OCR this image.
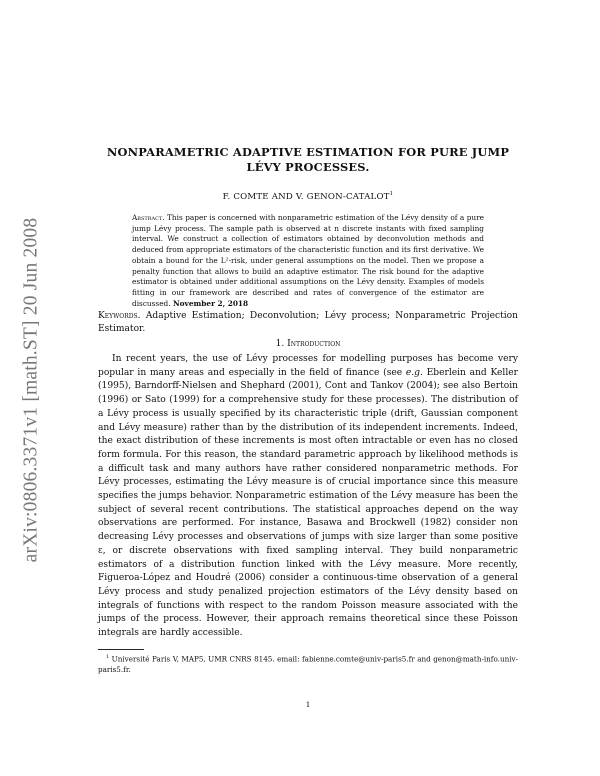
arXiv:0806.3371v1 [math.ST] 20 Jun 2008
NONPARAMETRIC ADAPTIVE ESTIMATION FOR PURE JUMP
LÉVY PROCESSES.
F. COMTE AND V. GENON-CATALOT$^1$
Abstract. This paper is concerned with nonparametric estimation of the Lévy density of a pure jump Lévy process. The sample path is observed at n discrete instants with fixed sampling interval. We construct a collection of estimators obtained by deconvolution methods and deduced from appropriate estimators of the characteristic function and its first derivative. We obtain a bound for the L²-risk, under general assumptions on the model. Then we propose a penalty function that allows to build an adaptive estimator. The risk bound for the adaptive estimator is obtained under additional assumptions on the Lévy density. Examples of models fitting in our framework are described and rates of convergence of the estimator are discussed. November 2, 2018
Keywords. Adaptive Estimation; Deconvolution; Lévy process; Nonparametric Projection Estimator.
1. Introduction

In recent years, the use of Lévy processes for modelling purposes has become very popular in many areas and especially in the field of finance (see e.g. Eberlein and Keller (1995), Barndorff-Nielsen and Shephard (2001), Cont and Tankov (2004); see also Bertoin (1996) or Sato (1999) for a comprehensive study for these processes). The distribution of a Lévy process is usually specified by its characteristic triple (drift, Gaussian component and Lévy measure) rather than by the distribution of its independent increments. Indeed, the exact distribution of these increments is most often intractable or even has no closed form formula. For this reason, the standard parametric approach by likelihood methods is a difficult task and many authors have rather considered nonparametric methods. For Lévy processes, estimating the Lévy measure is of crucial importance since this measure specifies the jumps behavior. Nonparametric estimation of the Lévy measure has been the subject of several recent contributions. The statistical approaches depend on the way observations are performed. For instance, Basawa and Brockwell (1982) consider non decreasing Lévy processes and observations of jumps with size larger than some positive ε, or discrete observations with fixed sampling interval. They build nonparametric estimators of a distribution function linked with the Lévy measure. More recently, Figueroa-López and Houdré (2006) consider a continuous-time observation of a general Lévy process and study penalized projection estimators of the Lévy density based on integrals of functions with respect to the random Poisson measure associated with the jumps of the process. However, their approach remains theoretical since these Poisson integrals are hardly accessible.

$^1$ Université Paris V, MAP5, UMR CNRS 8145. email: fabienne.comte@univ-paris5.fr and genon@math-info.univ-paris5.fr.
1
